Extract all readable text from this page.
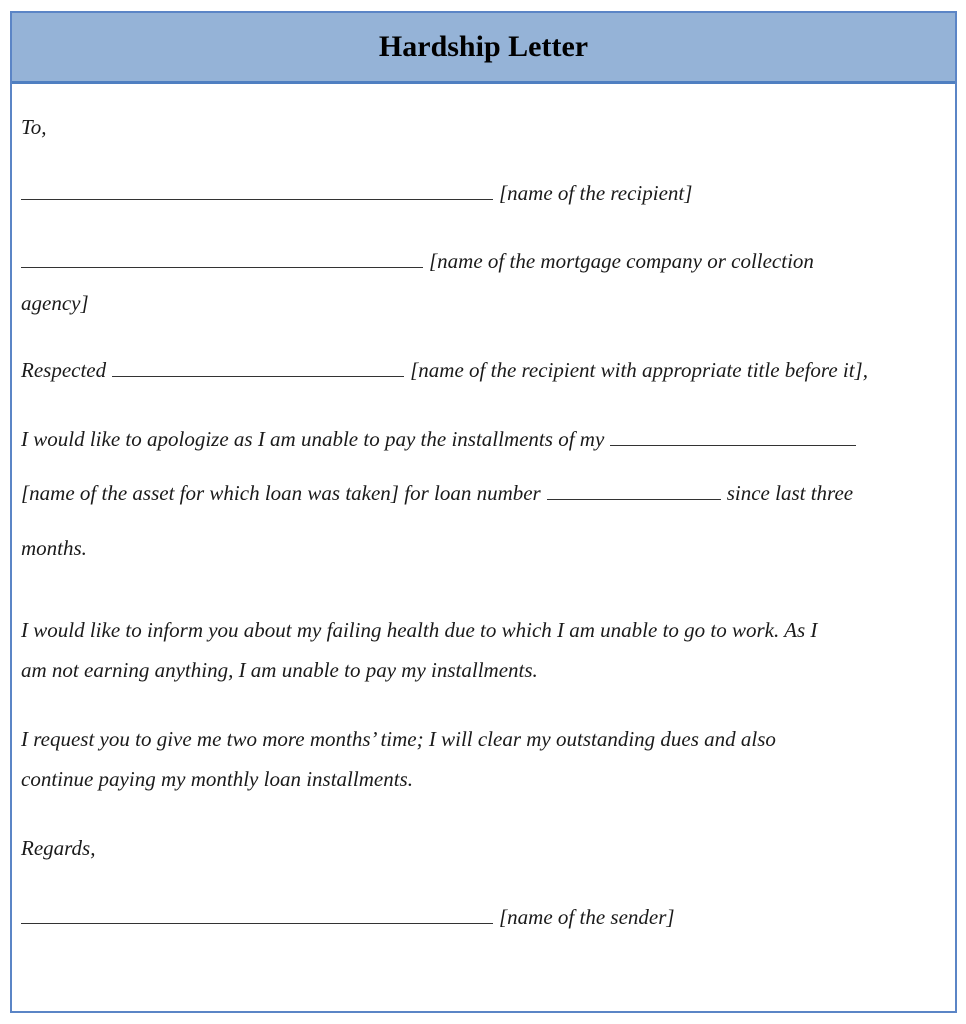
Hardship Letter
To,
[name of the recipient]
[name of the mortgage company or collection
agency]
Respected	[name of the recipient with appropriate title before it],
I would like to apologize as I am unable to pay the installments of my
[name of the asset for which loan was taken] for loan number	since last three
months.
I would like to inform you about my failing health due to which I am unable to go to work. As I
am not earning anything, I am unable to pay my installments.
I request you to give me two more months’ time; I will clear my outstanding dues and also
continue paying my monthly loan installments.
Regards,
[name of the sender]
